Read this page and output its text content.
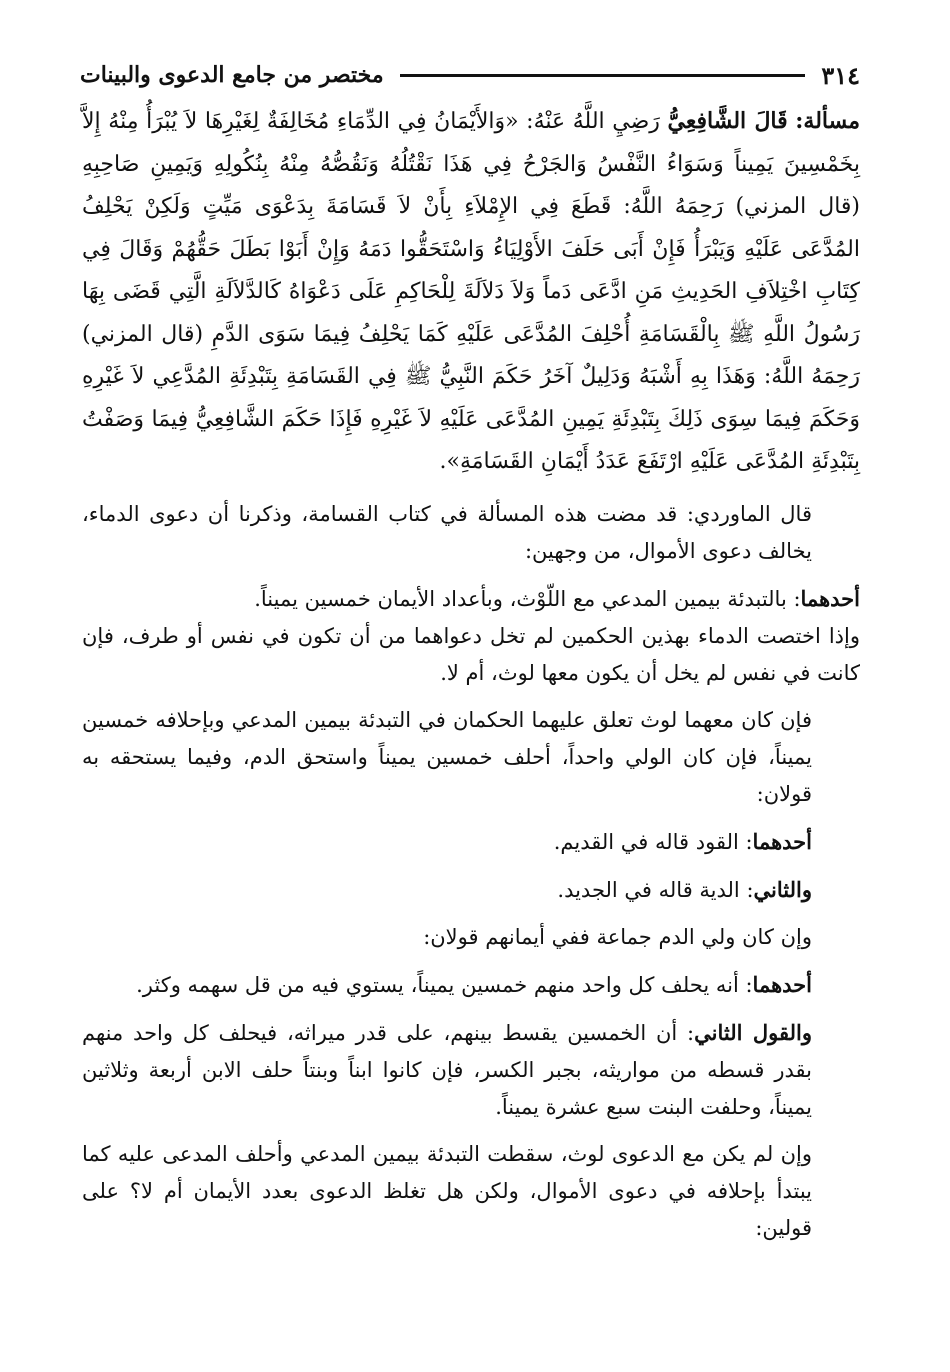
٣١٤
مختصر من جامع الدعوى والبينات

مسألة: قَالَ الشَّافِعِيُّ رَضِيِ اللَّهُ عَنْهُ: «وَالأَيْمَانُ فِي الدِّمَاءِ مُخَالِفَةٌ لِغَيْرِهَا لاَ يُبْرَأُ مِنْهُ إِلاَّ بِخَمْسِينَ يَمِيناً وَسَوَاءُ النَّفْسُ وَالجَرْحُ فِي هَذَا نَقْتُلُهُ وَنَقُصُّهُ مِنْهُ بِنُكُولِهِ وَيَمِينِ صَاحِبِهِ (قال المزني) رَحِمَهُ اللَّهُ: قَطَعَ فِي الإِمْلاَءِ بِأَنْ لاَ قَسَامَةَ بِدَعْوَى مَيِّتٍ وَلَكِنْ يَحْلِفُ المُدَّعَى عَلَيْهِ وَيَبْرَأُ فَإِنْ أَبَى حَلَفَ الأَوْلِيَاءُ وَاسْتَحَقُّوا دَمَهُ وَإِنْ أَبَوْا بَطَلَ حَقُّهُمْ وَقَالَ فِي كِتَابِ اخْتِلاَفِ الحَدِيثِ مَنِ ادَّعَى دَماً وَلاَ دَلاَلَةَ لِلْحَاكِمِ عَلَى دَعْوَاهُ كَالدَّلاَلَةِ الَّتِي قَضَى بِهَا رَسُولُ اللَّهِ ﷺ بِالْقَسَامَةِ أُحْلِفَ المُدَّعَى عَلَيْهِ كَمَا يَحْلِفُ فِيمَا سَوَى الدَّمِ (قال المزني) رَحِمَهُ اللَّهُ: وَهَذَا بِهِ أَشْبَهُ وَدَلِيلٌ آخَرُ حَكَمَ النَّبِيُّ ﷺ فِي القَسَامَةِ بِتَبْدِئَةِ المُدَّعِي لاَ غَيْرِهِ وَحَكَمَ فِيمَا سِوَى ذَلِكَ بِتَبْدِئَةِ يَمِينِ المُدَّعَى عَلَيْهِ لاَ غَيْرِهِ فَإِذَا حَكَمَ الشَّافِعِيُّ فِيمَا وَصَفْتُ بِتَبْدِئَةِ المُدَّعَى عَلَيْهِ ارْتَفَعَ عَدَدُ أَيْمَانِ القَسَامَةِ».

قال الماوردي: قد مضت هذه المسألة في كتاب القسامة، وذكرنا أن دعوى الدماء، يخالف دعوى الأموال، من وجهين:

أحدهما: بالتبدئة بيمين المدعي مع اللّوْث، وبأعداد الأيمان خمسين يميناً.

وإذا اختصت الدماء بهذين الحكمين لم تخل دعواهما من أن تكون في نفس أو طرف، فإن كانت في نفس لم يخل أن يكون معها لوث، أم لا.

فإن كان معهما لوث تعلق عليهما الحكمان في التبدئة بيمين المدعي وبإحلافه خمسين يميناً، فإن كان الولي واحداً، أحلف خمسين يميناً واستحق الدم، وفيما يستحقه به قولان:

أحدهما: القود قاله في القديم.

والثاني: الدية قاله في الجديد.

وإن كان ولي الدم جماعة ففي أيمانهم قولان:

أحدهما: أنه يحلف كل واحد منهم خمسين يميناً، يستوي فيه من قل سهمه وكثر.

والقول الثاني: أن الخمسين يقسط بينهم، على قدر ميراثه، فيحلف كل واحد منهم بقدر قسطه من مواريثه، بجبر الكسر، فإن كانوا ابناً وبنتاً حلف الابن أربعة وثلاثين يميناً، وحلفت البنت سبع عشرة يميناً.

وإن لم يكن مع الدعوى لوث، سقطت التبدئة بيمين المدعي وأحلف المدعى عليه كما يبتدأ بإحلافه في دعوى الأموال، ولكن هل تغلظ الدعوى بعدد الأيمان أم لا؟ على قولين:
